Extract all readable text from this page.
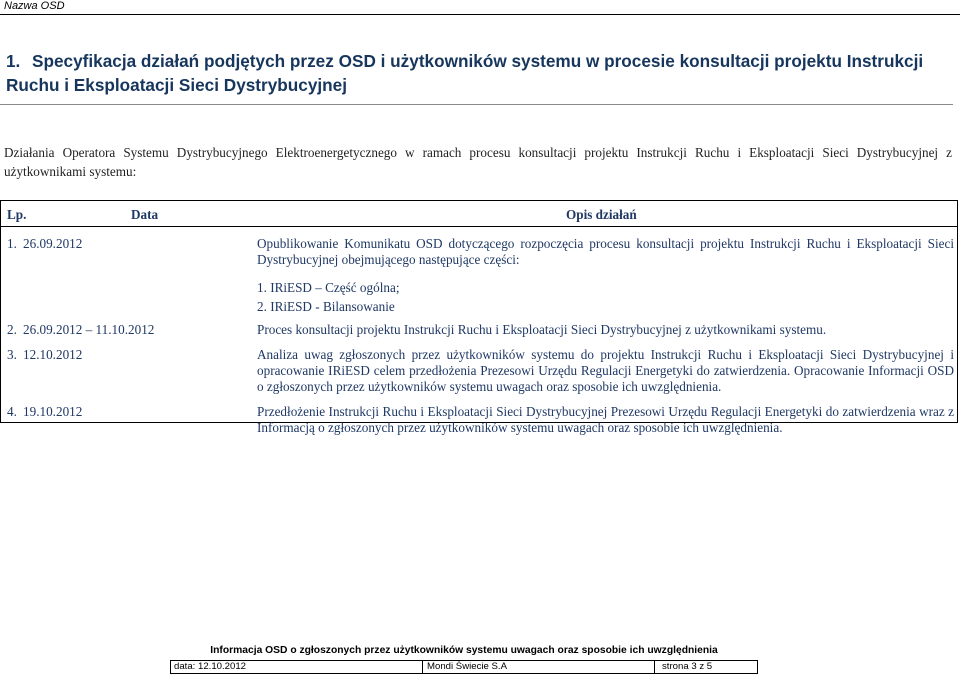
Nazwa OSD
1. Specyfikacja działań podjętych przez OSD i użytkowników systemu w procesie konsultacji projektu Instrukcji Ruchu i Eksploatacji Sieci Dystrybucyjnej

Działania Operatora Systemu Dystrybucyjnego Elektroenergetycznego w ramach procesu konsultacji projektu Instrukcji Ruchu i Eksploatacji Sieci Dystrybucyjnej z użytkownikami systemu:

Lp.	Data	Opis działań
1. 26.09.2012	Opublikowanie Komunikatu OSD dotyczącego rozpoczęcia procesu konsultacji projektu Instrukcji Ruchu i Eksploatacji Sieci Dystrybucyjnej obejmującego następujące części:
1. IRiESD – Część ogólna;
2. IRiESD - Bilansowanie
2. 26.09.2012 – 11.10.2012	Proces konsultacji projektu Instrukcji Ruchu i Eksploatacji Sieci Dystrybucyjnej z użytkownikami systemu.
3. 12.10.2012	Analiza uwag zgłoszonych przez użytkowników systemu do projektu Instrukcji Ruchu i Eksploatacji Sieci Dystrybucyjnej i opracowanie IRiESD celem przedłożenia Prezesowi Urzędu Regulacji Energetyki do zatwierdzenia. Opracowanie Informacji OSD o zgłoszonych przez użytkowników systemu uwagach oraz sposobie ich uwzględnienia.
4. 19.10.2012	Przedłożenie Instrukcji Ruchu i Eksploatacji Sieci Dystrybucyjnej Prezesowi Urzędu Regulacji Energetyki do zatwierdzenia wraz z Informacją o zgłoszonych przez użytkowników systemu uwagach oraz sposobie ich uwzględnienia.
Informacja OSD o zgłoszonych przez użytkowników systemu uwagach oraz sposobie ich uwzględnienia
data: 12.10.2012	Mondi Świecie S.A	strona 3 z 5
